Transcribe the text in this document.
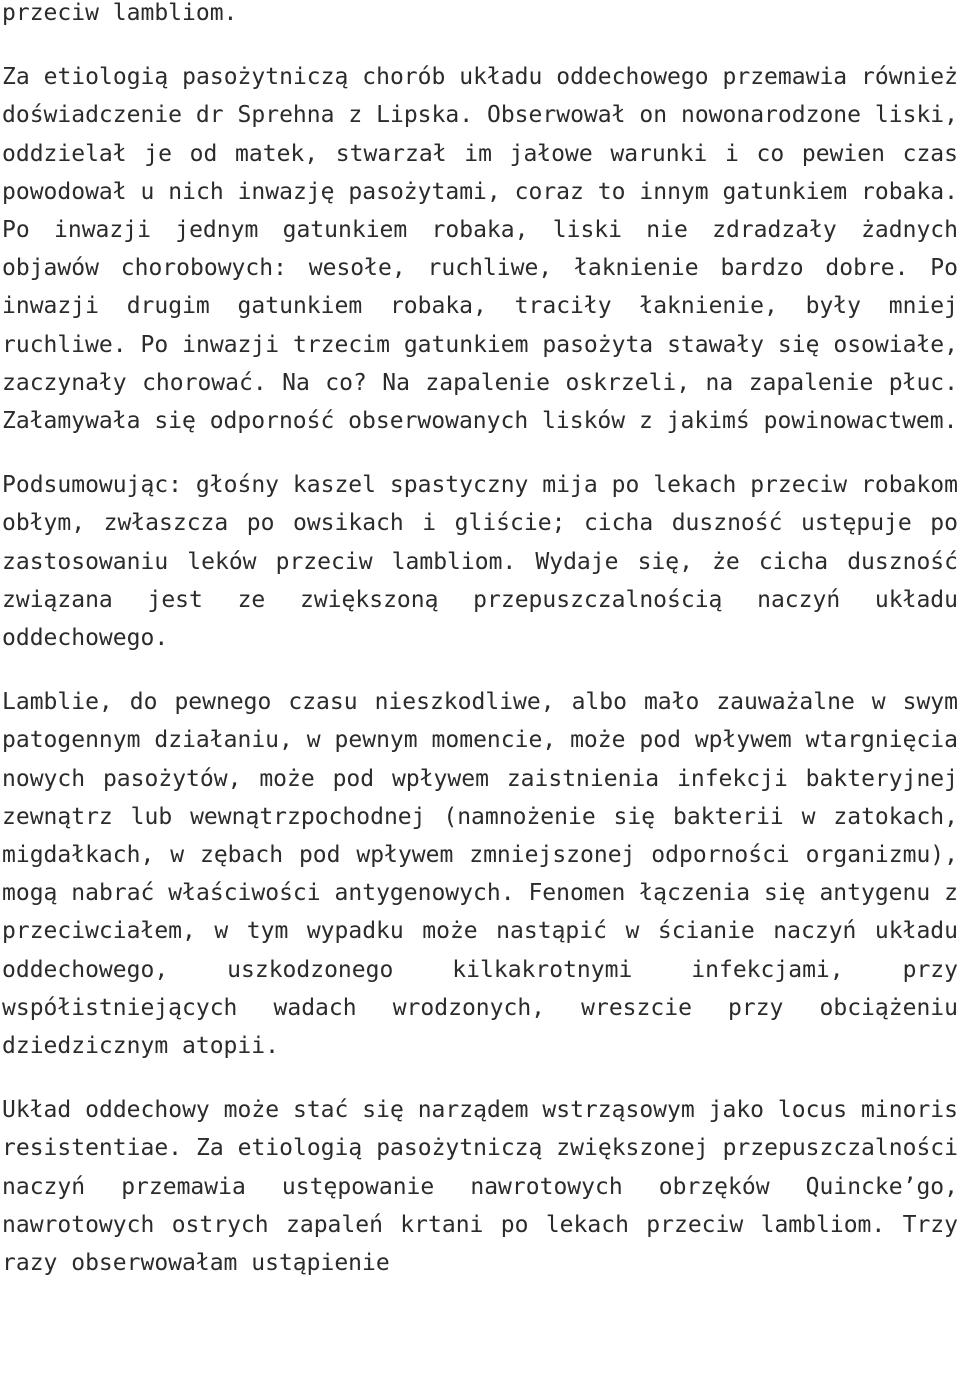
przeciw lambliom.

Za etiologią pasożytniczą chorób układu oddechowego przemawia również doświadczenie dr Sprehna z Lipska. Obserwował on nowonarodzone liski, oddzielał je od matek, stwarzał im jałowe warunki i co pewien czas powodował u nich inwazję pasożytami, coraz to innym gatunkiem robaka. Po inwazji jednym gatunkiem robaka, liski nie zdradzały żadnych objawów chorobowych: wesołe, ruchliwe, łaknienie bardzo dobre. Po inwazji drugim gatunkiem robaka, traciły łaknienie, były mniej ruchliwe. Po inwazji trzecim gatunkiem pasożyta stawały się osowiałe, zaczynały chorować. Na co? Na zapalenie oskrzeli, na zapalenie płuc. Załamywała się odporność obserwowanych lisków z jakimś powinowactwem.

Podsumowując: głośny kaszel spastyczny mija po lekach przeciw robakom obłym, zwłaszcza po owsikach i gliście; cicha duszność ustępuje po zastosowaniu leków przeciw lambliom. Wydaje się, że cicha duszność związana jest ze zwiększoną przepuszczalnością naczyń układu oddechowego.

Lamblie, do pewnego czasu nieszkodliwe, albo mało zauważalne w swym patogennym działaniu, w pewnym momencie, może pod wpływem wtargnięcia nowych pasożytów, może pod wpływem zaistnienia infekcji bakteryjnej zewnątrz lub wewnątrzpochodnej (namnożenie się bakterii w zatokach, migdałkach, w zębach pod wpływem zmniejszonej odporności organizmu), mogą nabrać właściwości antygenowych. Fenomen łączenia się antygenu z przeciwciałem, w tym wypadku może nastąpić w ścianie naczyń układu oddechowego, uszkodzonego kilkakrotnymi infekcjami, przy współistniejących wadach wrodzonych, wreszcie przy obciążeniu dziedzicznym atopii.

Układ oddechowy może stać się narządem wstrząsowym jako locus minoris resistentiae. Za etiologią pasożytniczą zwiększonej przepuszczalności naczyń przemawia ustępowanie nawrotowych obrzęków Quincke’go, nawrotowych ostrych zapaleń krtani po lekach przeciw lambliom. Trzy razy obserwowałam ustąpienie
